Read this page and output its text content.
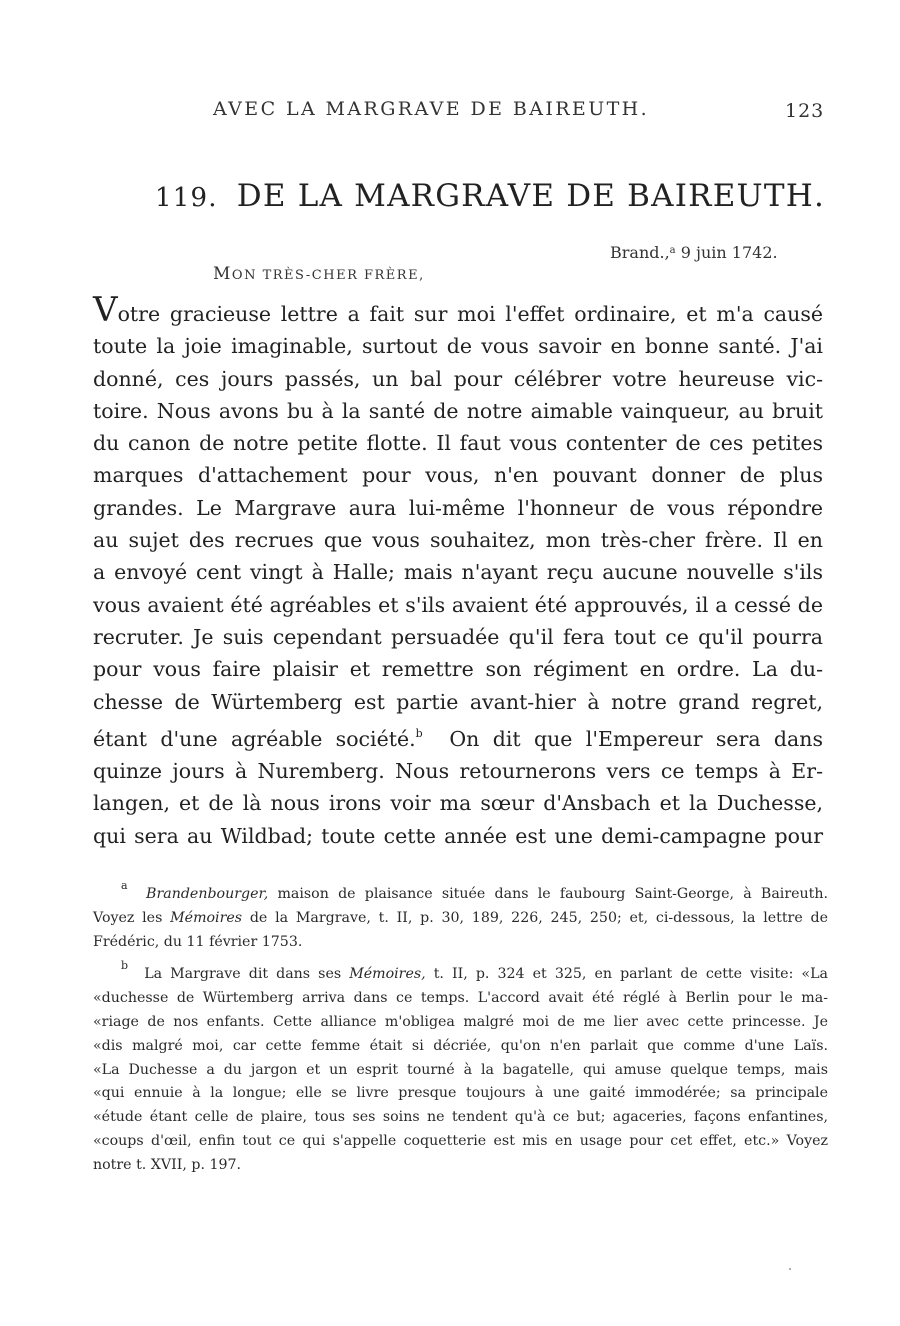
AVEC LA MARGRAVE DE BAIREUTH.	123
119. DE LA MARGRAVE DE BAIREUTH.
Brand.,$^a$ 9 juin 1742.
MON TRÈS-CHER FRÈRE,
Votre gracieuse lettre a fait sur moi l'effet ordinaire, et m'a causé
toute la joie imaginable, surtout de vous savoir en bonne santé. J'ai
donné, ces jours passés, un bal pour célébrer votre heureuse vic-
toire. Nous avons bu à la santé de notre aimable vainqueur, au bruit
du canon de notre petite flotte. Il faut vous contenter de ces petites
marques d'attachement pour vous, n'en pouvant donner de plus
grandes. Le Margrave aura lui-même l'honneur de vous répondre
au sujet des recrues que vous souhaitez, mon très-cher frère. Il en
a envoyé cent vingt à Halle; mais n'ayant reçu aucune nouvelle s'ils
vous avaient été agréables et s'ils avaient été approuvés, il a cessé de
recruter. Je suis cependant persuadée qu'il fera tout ce qu'il pourra
pour vous faire plaisir et remettre son régiment en ordre. La du-
chesse de Würtemberg est partie avant-hier à notre grand regret,
étant d'une agréable société.$^b$ On dit que l'Empereur sera dans
quinze jours à Nuremberg. Nous retournerons vers ce temps à Er-
langen, et de là nous irons voir ma sœur d'Ansbach et la Duchesse,
qui sera au Wildbad; toute cette année est une demi-campagne pour
$^a$  Brandenbourger, maison de plaisance située dans le faubourg Saint-George, à Baireuth.
Voyez les Mémoires de la Margrave, t. II, p. 30, 189, 226, 245, 250; et, ci-dessous, la lettre de
Frédéric, du 11 février 1753.
$^b$  La Margrave dit dans ses Mémoires, t. II, p. 324 et 325, en parlant de cette visite: «La
«duchesse de Würtemberg arriva dans ce temps. L'accord avait été réglé à Berlin pour le ma-
«riage de nos enfants. Cette alliance m'obligea malgré moi de me lier avec cette princesse. Je
«dis malgré moi, car cette femme était si décriée, qu'on n'en parlait que comme d'une Laïs.
«La Duchesse a du jargon et un esprit tourné à la bagatelle, qui amuse quelque temps, mais
«qui ennuie à la longue; elle se livre presque toujours à une gaité immodérée; sa principale
«étude étant celle de plaire, tous ses soins ne tendent qu'à ce but; agaceries, façons enfantines,
«coups d'œil, enfin tout ce qui s'appelle coquetterie est mis en usage pour cet effet, etc.» Voyez
notre t. XVII, p. 197.
